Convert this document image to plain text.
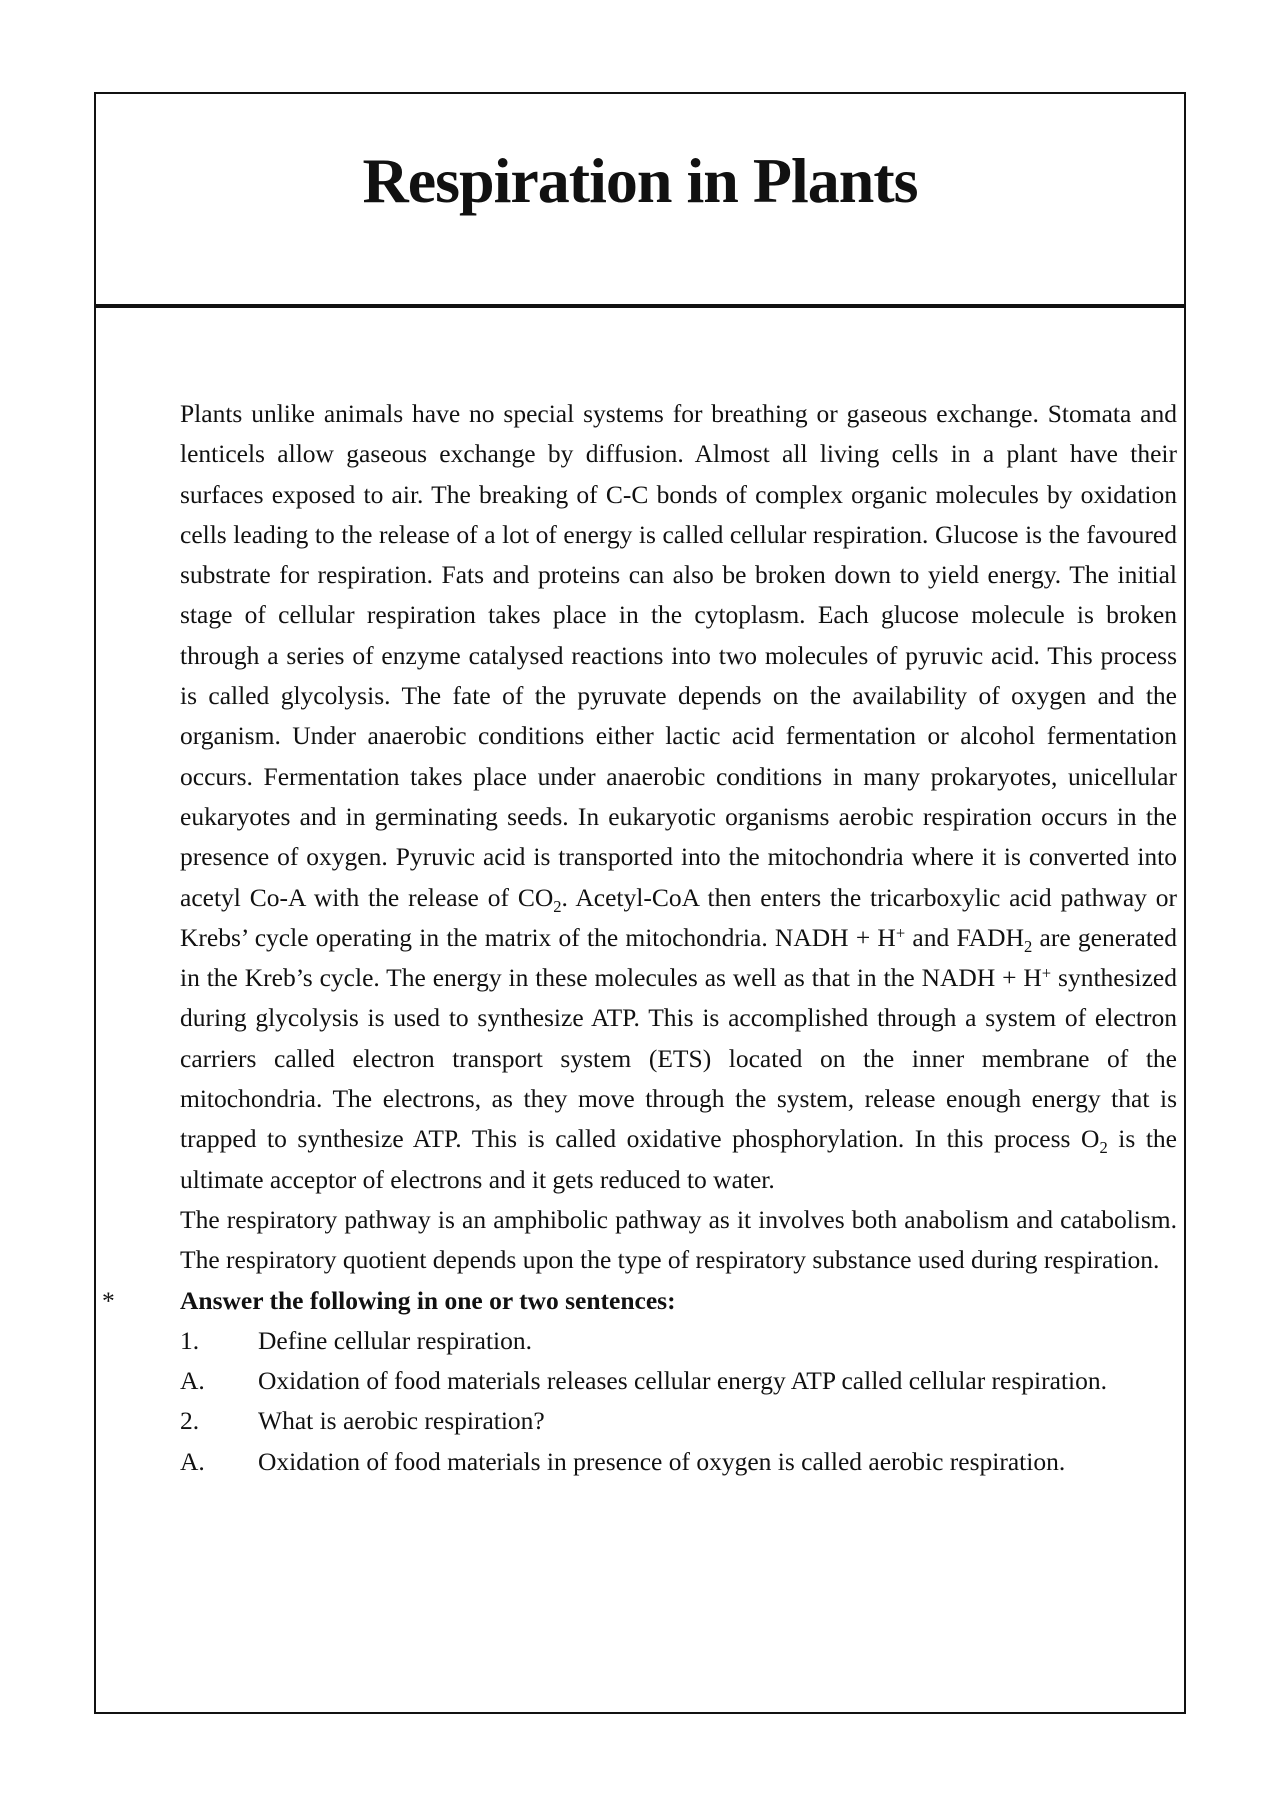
Respiration in Plants

Plants unlike animals have no special systems for breathing or gaseous exchange. Stomata and lenticels allow gaseous exchange by diffusion. Almost all living cells in a plant have their surfaces exposed to air. The breaking of C-C bonds of complex organic molecules by oxidation cells leading to the release of a lot of energy is called cellular respiration. Glucose is the favoured substrate for respiration. Fats and proteins can also be broken down to yield energy. The initial stage of cellular respiration takes place in the cytoplasm. Each glucose molecule is broken through a series of enzyme catalysed reactions into two molecules of pyruvic acid. This process is called glycolysis. The fate of the pyruvate depends on the availability of oxygen and the organism. Under anaerobic conditions either lactic acid fermentation or alcohol fermentation occurs. Fermentation takes place under anaerobic conditions in many prokaryotes, unicellular eukaryotes and in germinating seeds. In eukaryotic organisms aerobic respiration occurs in the presence of oxygen. Pyruvic acid is transported into the mitochondria where it is converted into acetyl Co-A with the release of $CO_2$. Acetyl-CoA then enters the tricarboxylic acid pathway or Krebs’ cycle operating in the matrix of the mitochondria. NADH + H+ and $FADH_2$ are generated in the Kreb’s cycle. The energy in these molecules as well as that in the NADH + H+ synthesized during glycolysis is used to synthesize ATP. This is accomplished through a system of electron carriers called electron transport system (ETS) located on the inner membrane of the mitochondria. The electrons, as they move through the system, release enough energy that is trapped to synthesize ATP. This is called oxidative phosphorylation. In this process $O_2$ is the ultimate acceptor of electrons and it gets reduced to water.

The respiratory pathway is an amphibolic pathway as it involves both anabolism and catabolism. The respiratory quotient depends upon the type of respiratory substance used during respiration.

*	Answer the following in one or two sentences:
1.	Define cellular respiration.
A.	Oxidation of food materials releases cellular energy ATP called cellular respiration.
2.	What is aerobic respiration?
A.	Oxidation of food materials in presence of oxygen is called aerobic respiration.
